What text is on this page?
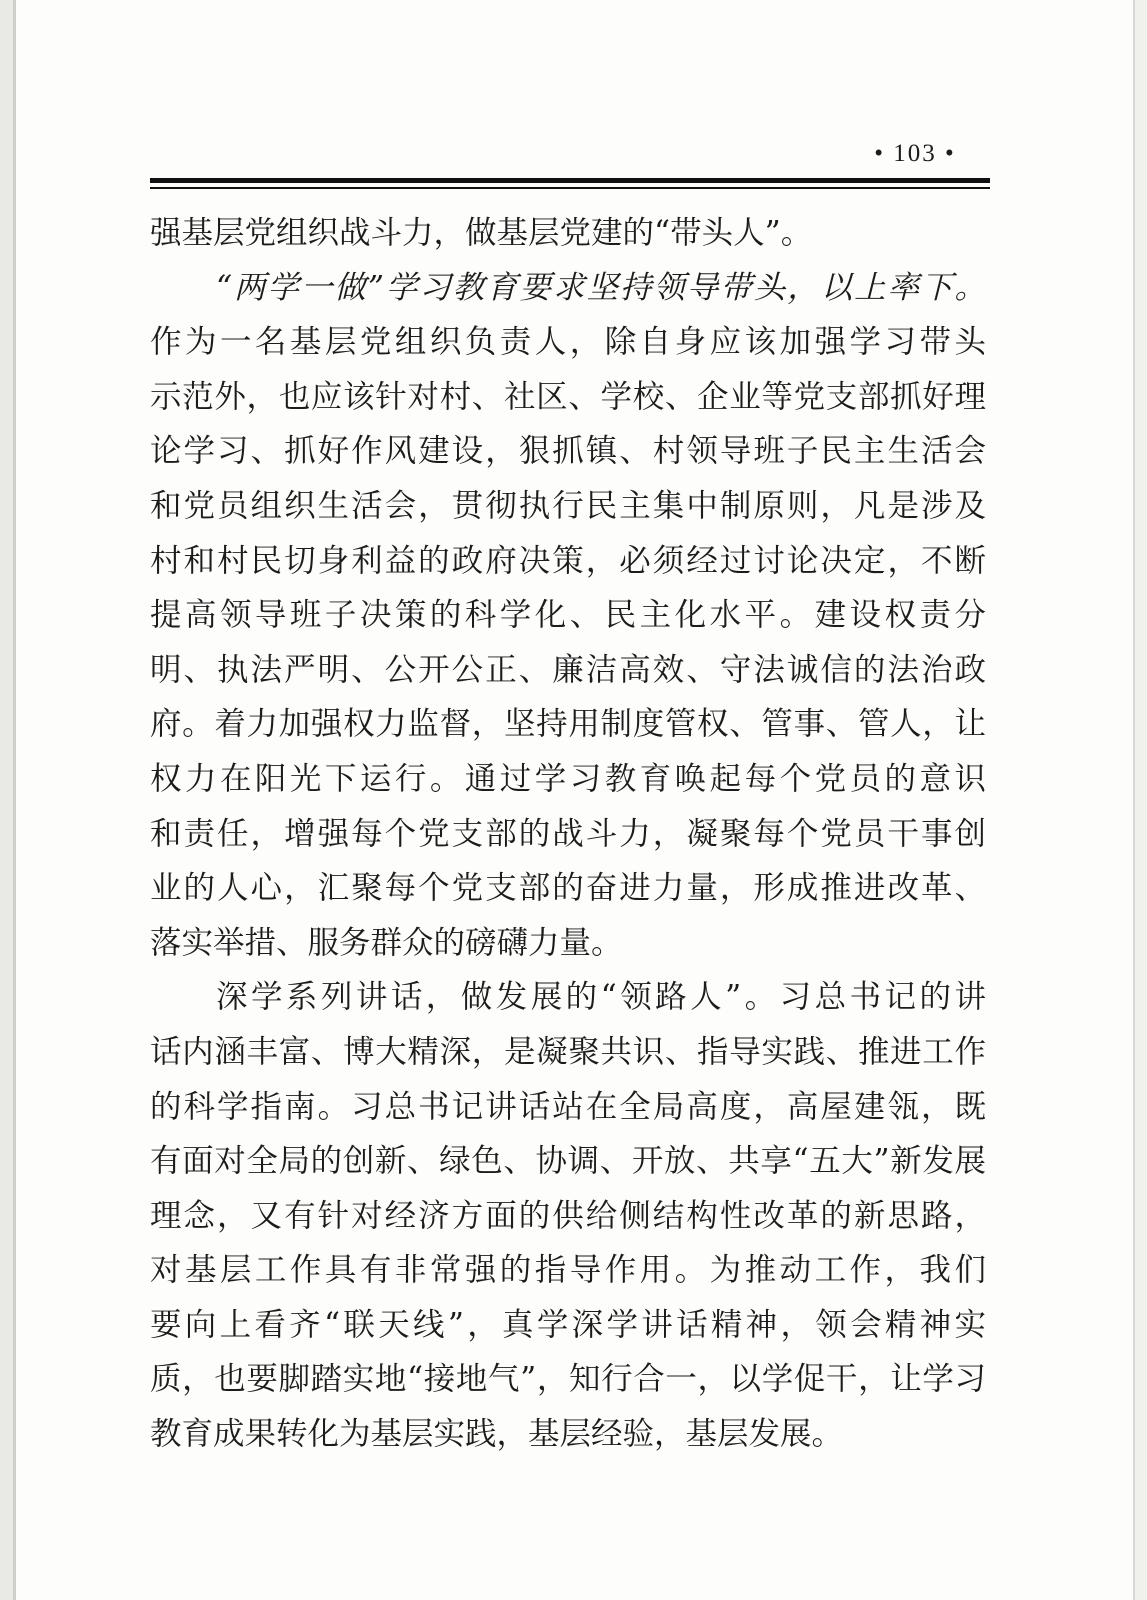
• 103 •
强基层党组织战斗力，做基层党建的“带头人”。
“两学一做”学习教育要求坚持领导带头，以上率下。
作为一名基层党组织负责人，除自身应该加强学习带头
示范外，也应该针对村、社区、学校、企业等党支部抓好理
论学习、抓好作风建设，狠抓镇、村领导班子民主生活会
和党员组织生活会，贯彻执行民主集中制原则，凡是涉及
村和村民切身利益的政府决策，必须经过讨论决定，不断
提高领导班子决策的科学化、民主化水平。建设权责分
明、执法严明、公开公正、廉洁高效、守法诚信的法治政
府。着力加强权力监督，坚持用制度管权、管事、管人，让
权力在阳光下运行。通过学习教育唤起每个党员的意识
和责任，增强每个党支部的战斗力，凝聚每个党员干事创
业的人心，汇聚每个党支部的奋进力量，形成推进改革、
落实举措、服务群众的磅礴力量。
深学系列讲话，做发展的“领路人”。习总书记的讲
话内涵丰富、博大精深，是凝聚共识、指导实践、推进工作
的科学指南。习总书记讲话站在全局高度，高屋建瓴，既
有面对全局的创新、绿色、协调、开放、共享“五大”新发展
理念，又有针对经济方面的供给侧结构性改革的新思路，
对基层工作具有非常强的指导作用。为推动工作，我们
要向上看齐“联天线”，真学深学讲话精神，领会精神实
质，也要脚踏实地“接地气”，知行合一，以学促干，让学习
教育成果转化为基层实践，基层经验，基层发展。
